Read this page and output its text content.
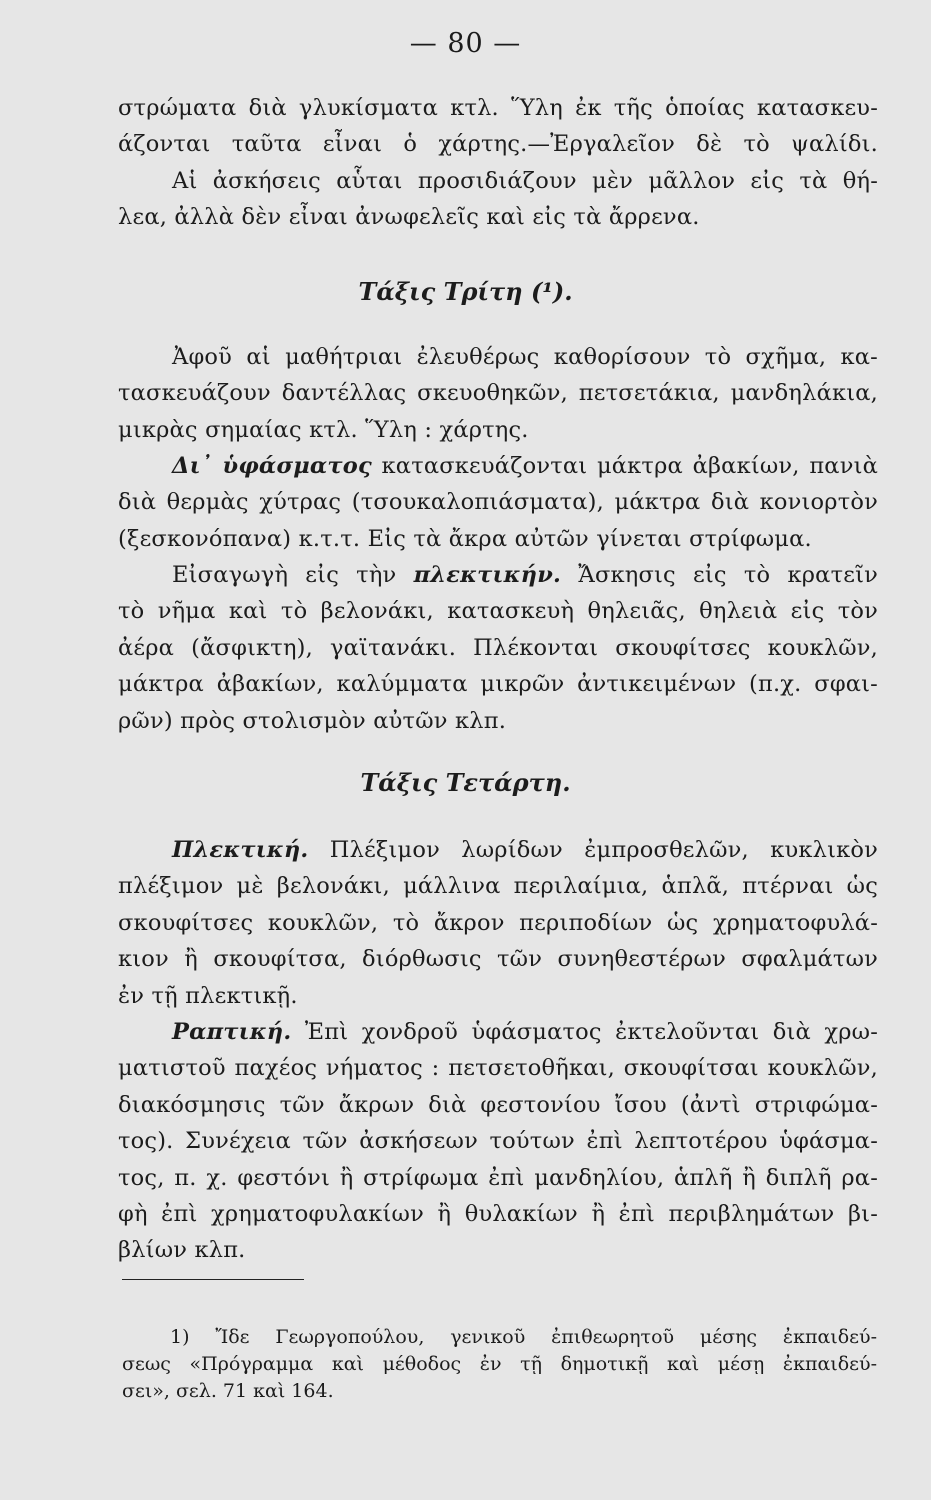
— 80 —
στρώματα διὰ γλυκίσματα κτλ. Ὕλη ἐκ τῆς ὁποίας κατασκευ-
άζονται ταῦτα εἶναι ὁ χάρτης.—Ἐργαλεῖον δὲ τὸ ψαλίδι.
Αἱ ἀσκήσεις αὗται προσιδιάζουν μὲν μᾶλλον εἰς τὰ θή-
λεα, ἀλλὰ δὲν εἶναι ἀνωφελεῖς καὶ εἰς τὰ ἄρρενα.
Τάξις Τρίτη (¹).
Ἀφοῦ αἱ μαθήτριαι ἐλευθέρως καθορίσουν τὸ σχῆμα, κα-
τασκευάζουν δαντέλλας σκευοθηκῶν, πετσετάκια, μανδηλάκια,
μικρὰς σημαίας κτλ. Ὕλη : χάρτης.
Δι᾿ ὑφάσματος κατασκευάζονται μάκτρα ἀβακίων, πανιὰ
διὰ θερμὰς χύτρας (τσουκαλοπιάσματα), μάκτρα διὰ κονιορτὸν
(ξεσκονόπανα) κ.τ.τ. Εἰς τὰ ἄκρα αὐτῶν γίνεται στρίφωμα.
Εἰσαγωγὴ εἰς τὴν πλεκτικήν. Ἄσκησις εἰς τὸ κρατεῖν
τὸ νῆμα καὶ τὸ βελονάκι, κατασκευὴ θηλειᾶς, θηλειὰ εἰς τὸν
ἀέρα (ἄσφικτη), γαϊτανάκι. Πλέκονται σκουφίτσες κουκλῶν,
μάκτρα ἀβακίων, καλύμματα μικρῶν ἀντικειμένων (π.χ. σφαι-
ρῶν) πρὸς στολισμὸν αὐτῶν κλπ.
Τάξις Τετάρτη.
Πλεκτική. Πλέξιμον λωρίδων ἐμπροσθελῶν, κυκλικὸν
πλέξιμον μὲ βελονάκι, μάλλινα περιλαίμια, ἁπλᾶ, πτέρναι ὡς
σκουφίτσες κουκλῶν, τὸ ἄκρον περιποδίων ὡς χρηματοφυλά-
κιον ἢ σκουφίτσα, διόρθωσις τῶν συνηθεστέρων σφαλμάτων
ἐν τῇ πλεκτικῇ.
Ραπτική. Ἐπὶ χονδροῦ ὑφάσματος ἐκτελοῦνται διὰ χρω-
ματιστοῦ παχέος νήματος : πετσετοθῆκαι, σκουφίτσαι κουκλῶν,
διακόσμησις τῶν ἄκρων διὰ φεστονίου ἴσου (ἀντὶ στριφώμα-
τος). Συνέχεια τῶν ἀσκήσεων τούτων ἐπὶ λεπτοτέρου ὑφάσμα-
τος, π. χ. φεστόνι ἢ στρίφωμα ἐπὶ μανδηλίου, ἁπλῆ ἢ διπλῆ ρα-
φὴ ἐπὶ χρηματοφυλακίων ἢ θυλακίων ἢ ἐπὶ περιβλημάτων βι-
βλίων κλπ.
1) Ἴδε Γεωργοπούλου, γενικοῦ ἐπιθεωρητοῦ μέσης ἐκπαιδεύ-
σεως «Πρόγραμμα καὶ μέθοδος ἐν τῇ δημοτικῇ καὶ μέσῃ ἐκπαιδεύ-
σει», σελ. 71 καὶ 164.
